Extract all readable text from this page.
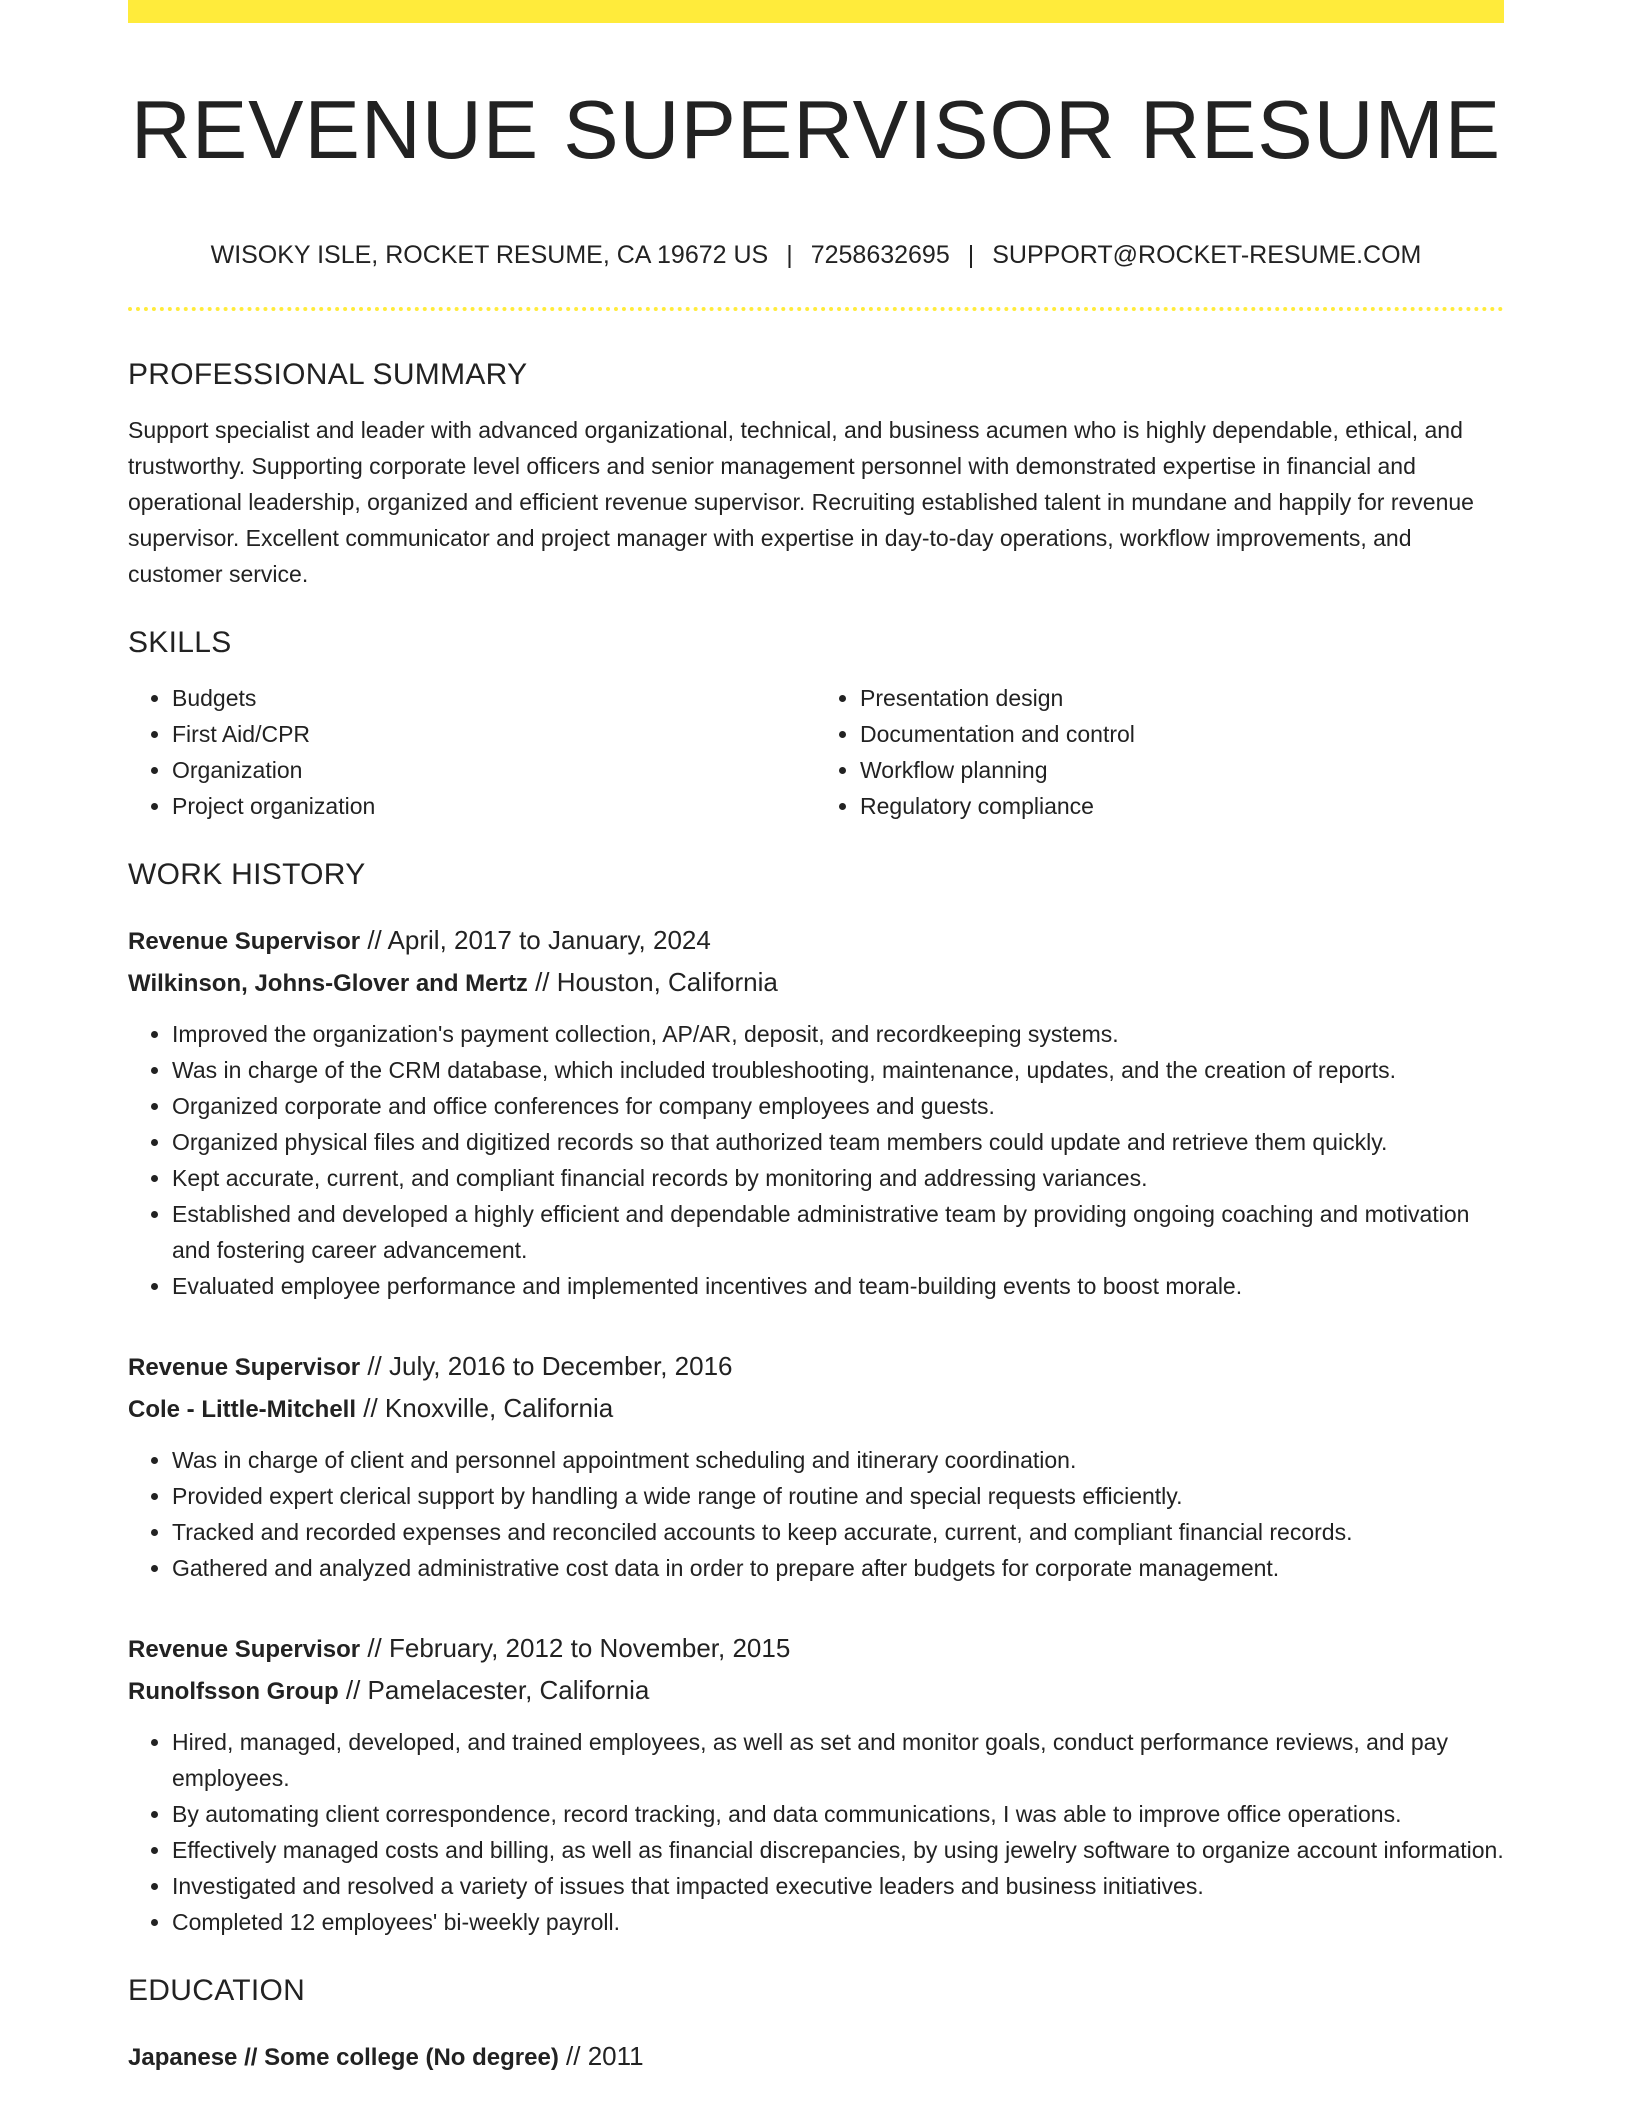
REVENUE SUPERVISOR RESUME
WISOKY ISLE, ROCKET RESUME, CA 19672 US | 7258632695 | SUPPORT@ROCKET-RESUME.COM
PROFESSIONAL SUMMARY

Support specialist and leader with advanced organizational, technical, and business acumen who is highly dependable, ethical, and trustworthy. Supporting corporate level officers and senior management personnel with demonstrated expertise in financial and operational leadership, organized and efficient revenue supervisor. Recruiting established talent in mundane and happily for revenue supervisor. Excellent communicator and project manager with expertise in day-to-day operations, workflow improvements, and customer service.

SKILLS
• Budgets
• First Aid/CPR
• Organization
• Project organization
• Presentation design
• Documentation and control
• Workflow planning
• Regulatory compliance
WORK HISTORY
Revenue Supervisor // April, 2017 to January, 2024
Wilkinson, Johns-Glover and Mertz // Houston, California
• Improved the organization's payment collection, AP/AR, deposit, and recordkeeping systems.
• Was in charge of the CRM database, which included troubleshooting, maintenance, updates, and the creation of reports.
• Organized corporate and office conferences for company employees and guests.
• Organized physical files and digitized records so that authorized team members could update and retrieve them quickly.
• Kept accurate, current, and compliant financial records by monitoring and addressing variances.
• Established and developed a highly efficient and dependable administrative team by providing ongoing coaching and motivation and fostering career advancement.
• Evaluated employee performance and implemented incentives and team-building events to boost morale.
Revenue Supervisor // July, 2016 to December, 2016
Cole - Little-Mitchell // Knoxville, California
• Was in charge of client and personnel appointment scheduling and itinerary coordination.
• Provided expert clerical support by handling a wide range of routine and special requests efficiently.
• Tracked and recorded expenses and reconciled accounts to keep accurate, current, and compliant financial records.
• Gathered and analyzed administrative cost data in order to prepare after budgets for corporate management.
Revenue Supervisor // February, 2012 to November, 2015
Runolfsson Group // Pamelacester, California
• Hired, managed, developed, and trained employees, as well as set and monitor goals, conduct performance reviews, and pay employees.
• By automating client correspondence, record tracking, and data communications, I was able to improve office operations.
• Effectively managed costs and billing, as well as financial discrepancies, by using jewelry software to organize account information.
• Investigated and resolved a variety of issues that impacted executive leaders and business initiatives.
• Completed 12 employees' bi-weekly payroll.
EDUCATION
Japanese // Some college (No degree) // 2011
